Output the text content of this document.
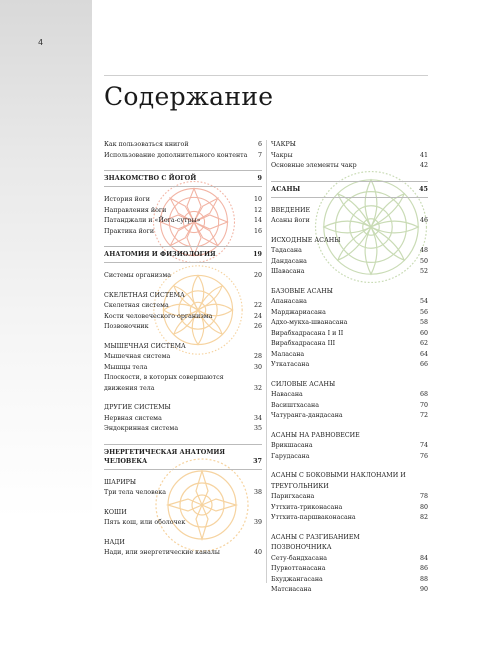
4
Содержание
Как пользоваться книгой	6
Использование дополнительного контента	7
ЗНАКОМСТВО С ЙОГОЙ	9
История йоги	10
Направления йоги	12
Патанджали и «Йога-сутры»	14
Практика йоги	16
АНАТОМИЯ И ФИЗИОЛОГИЯ	19
Системы организма	20
СКЕЛЕТНАЯ СИСТЕМА
Скелетная система	22
Кости человеческого организма	24
Позвоночник	26
МЫШЕЧНАЯ СИСТЕМА
Мышечная система	28
Мышцы тела	30
Плоскости, в которых совершаются движения тела	32
ДРУГИЕ СИСТЕМЫ
Нервная система	34
Эндокринная система	35
ЭНЕРГЕТИЧЕСКАЯ АНАТОМИЯ ЧЕЛОВЕКА	37
ШАРИРЫ
Три тела человека	38
КОШИ
Пять кош, или оболочек	39
НАДИ
Нади, или энергетические каналы	40
ЧАКРЫ
Чакры	41
Основные элементы чакр	42
АСАНЫ	45
ВВЕДЕНИЕ
Асаны йоги	46
ИСХОДНЫЕ АСАНЫ
Тадасана	48
Дандасана	50
Шавасана	52
БАЗОВЫЕ АСАНЫ
Апанасана	54
Марджариасана	56
Адхо-мукха-шванасана	58
Вирабхадрасана I и II	60
Вирабхадрасана III	62
Маласана	64
Уткатасана	66
СИЛОВЫЕ АСАНЫ
Навасана	68
Васиштхасана	70
Чатуранга-дандасана	72
АСАНЫ НА РАВНОВЕСИЕ
Врикшасана	74
Гарудасана	76
АСАНЫ С БОКОВЫМИ НАКЛОНАМИ И ТРЕУГОЛЬНИКИ
Паригхасана	78
Уттхита-триконасана	80
Уттхита-паршваконасана	82
АСАНЫ С РАЗГИБАНИЕМ ПОЗВОНОЧНИКА
Сету-бандхасана	84
Пурвоттанасана	86
Бхуджангасана	88
Матсиасана	90
